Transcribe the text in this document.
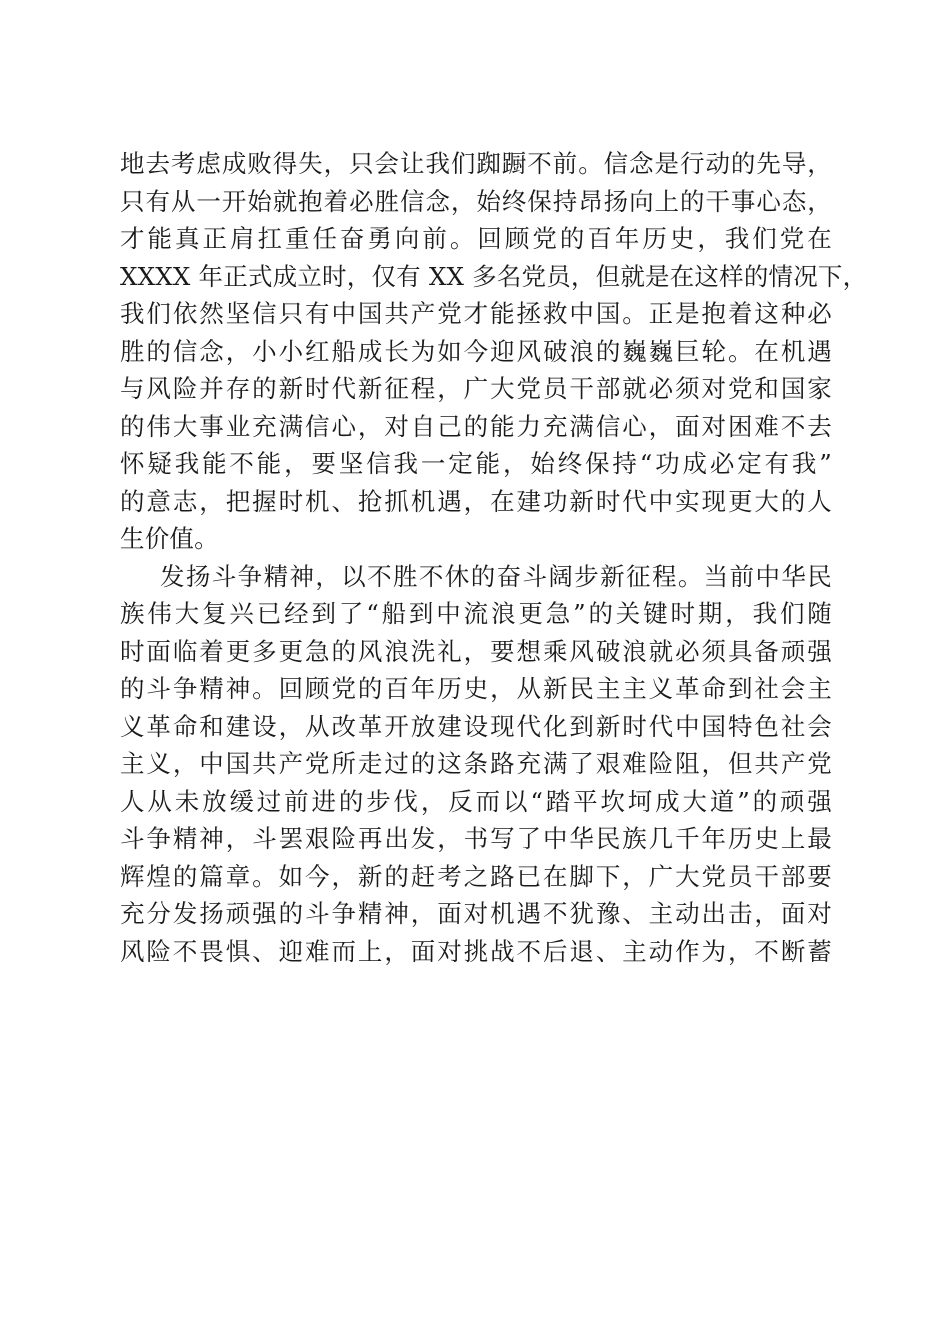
地去考虑成败得失，只会让我们踟蹰不前。信念是行动的先导，
只有从一开始就抱着必胜信念，始终保持昂扬向上的干事心态，
才能真正肩扛重任奋勇向前。回顾党的百年历史，我们党在
XXXX 年正式成立时，仅有 XX 多名党员，但就是在这样的情况下，
我们依然坚信只有中国共产党才能拯救中国。正是抱着这种必
胜的信念，小小红船成长为如今迎风破浪的巍巍巨轮。在机遇
与风险并存的新时代新征程，广大党员干部就必须对党和国家
的伟大事业充满信心，对自己的能力充满信心，面对困难不去
怀疑我能不能，要坚信我一定能，始终保持“功成必定有我”
的意志，把握时机、抢抓机遇，在建功新时代中实现更大的人
生价值。
发扬斗争精神，以不胜不休的奋斗阔步新征程。当前中华民
族伟大复兴已经到了“船到中流浪更急”的关键时期，我们随
时面临着更多更急的风浪洗礼，要想乘风破浪就必须具备顽强
的斗争精神。回顾党的百年历史，从新民主主义革命到社会主
义革命和建设，从改革开放建设现代化到新时代中国特色社会
主义，中国共产党所走过的这条路充满了艰难险阻，但共产党
人从未放缓过前进的步伐，反而以“踏平坎坷成大道”的顽强
斗争精神，斗罢艰险再出发，书写了中华民族几千年历史上最
辉煌的篇章。如今，新的赶考之路已在脚下，广大党员干部要
充分发扬顽强的斗争精神，面对机遇不犹豫、主动出击，面对
风险不畏惧、迎难而上，面对挑战不后退、主动作为，不断蓄
